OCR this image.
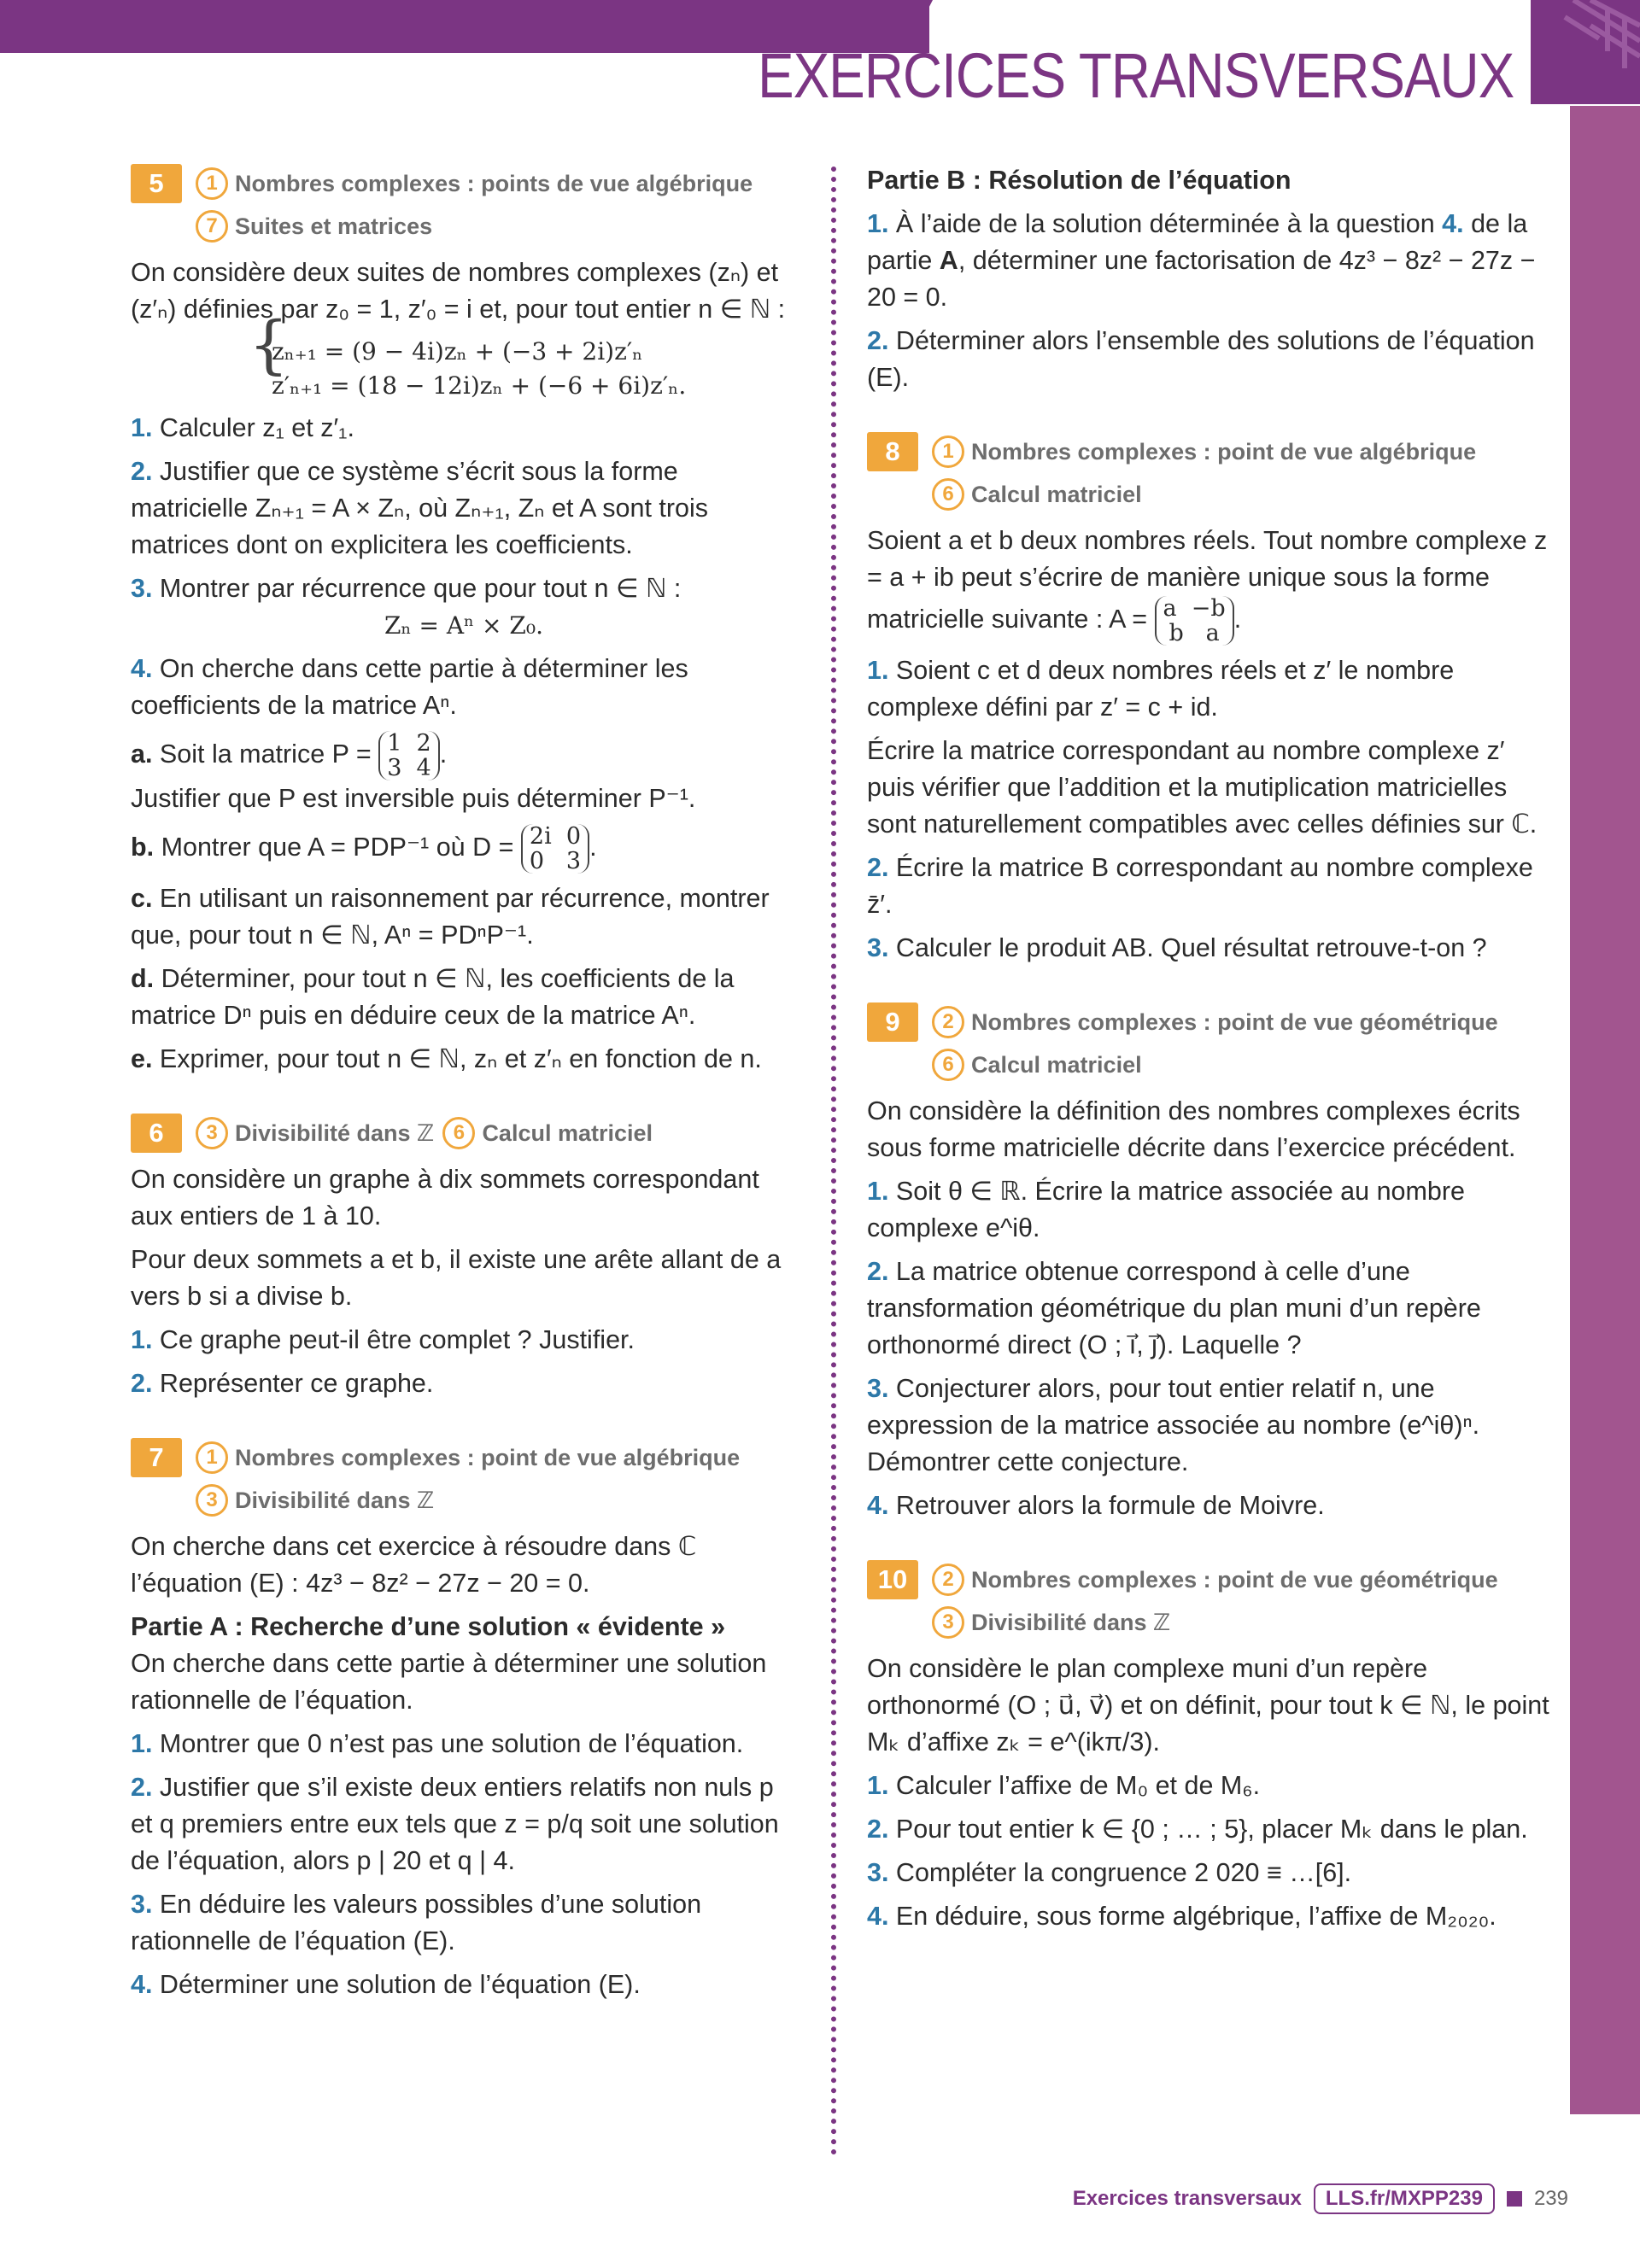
EXERCICES TRANSVERSAUX
5	1 Nombres complexes : points de vue algébrique
7 Suites et matrices
On considère deux suites de nombres complexes (zₙ) et (z′ₙ) définies par z₀ = 1, z′₀ = i et, pour tout entier n ∈ ℕ :
{ zₙ₊₁ = (9 − 4i)zₙ + (−3 + 2i)z′ₙ
z′ₙ₊₁ = (18 − 12i)zₙ + (−6 + 6i)z′ₙ.
1. Calculer z₁ et z′₁.
2. Justifier que ce système s’écrit sous la forme matricielle Zₙ₊₁ = A × Zₙ, où Zₙ₊₁, Zₙ et A sont trois matrices dont on explicitera les coefficients.
3. Montrer par récurrence que pour tout n ∈ ℕ :
Zₙ = Aⁿ × Z₀.
4. On cherche dans cette partie à déterminer les coefficients de la matrice Aⁿ.
a. Soit la matrice P = 1  2
3  4 .
Justifier que P est inversible puis déterminer P⁻¹.
b. Montrer que A = PDP⁻¹ où D = 2i  0
0   3 .
c. En utilisant un raisonnement par récurrence, montrer que, pour tout n ∈ ℕ, Aⁿ = PDⁿP⁻¹.
d. Déterminer, pour tout n ∈ ℕ, les coefficients de la matrice Dⁿ puis en déduire ceux de la matrice Aⁿ.
e. Exprimer, pour tout n ∈ ℕ, zₙ et z′ₙ en fonction de n.
6	3 Divisibilité dans ℤ 6 Calcul matriciel
On considère un graphe à dix sommets correspondant aux entiers de 1 à 10.
Pour deux sommets a et b, il existe une arête allant de a vers b si a divise b.
1. Ce graphe peut-il être complet ? Justifier.
2. Représenter ce graphe.
7	1 Nombres complexes : point de vue algébrique
3 Divisibilité dans ℤ
On cherche dans cet exercice à résoudre dans ℂ l’équation (E) : 4z³ − 8z² − 27z − 20 = 0.
Partie A : Recherche d’une solution « évidente »
On cherche dans cette partie à déterminer une solution rationnelle de l’équation.
1. Montrer que 0 n’est pas une solution de l’équation.
2. Justifier que s’il existe deux entiers relatifs non nuls p et q premiers entre eux tels que z = p/q soit une solution de l’équation, alors p | 20 et q | 4.
3. En déduire les valeurs possibles d’une solution rationnelle de l’équation (E).
4. Déterminer une solution de l’équation (E).
Partie B : Résolution de l’équation
1. À l’aide de la solution déterminée à la question 4. de la partie A, déterminer une factorisation de 4z³ − 8z² − 27z − 20 = 0.
2. Déterminer alors l’ensemble des solutions de l’équation (E).
8	1 Nombres complexes : point de vue algébrique
6 Calcul matriciel
Soient a et b deux nombres réels. Tout nombre complexe z = a + ib peut s’écrire de manière unique sous la forme matricielle suivante : A = a  −b
b   a .
1. Soient c et d deux nombres réels et z′ le nombre complexe défini par z′ = c + id.
Écrire la matrice correspondant au nombre complexe z′ puis vérifier que l’addition et la mutiplication matricielles sont naturellement compatibles avec celles définies sur ℂ.
2. Écrire la matrice B correspondant au nombre complexe z̄′.
3. Calculer le produit AB. Quel résultat retrouve-t-on ?
9	2 Nombres complexes : point de vue géométrique
6 Calcul matriciel
On considère la définition des nombres complexes écrits sous forme matricielle décrite dans l’exercice précédent.
1. Soit θ ∈ ℝ. Écrire la matrice associée au nombre complexe e^iθ.
2. La matrice obtenue correspond à celle d’une transformation géométrique du plan muni d’un repère orthonormé direct (O ; i⃗, j⃗). Laquelle ?
3. Conjecturer alors, pour tout entier relatif n, une expression de la matrice associée au nombre (e^iθ)ⁿ. Démontrer cette conjecture.
4. Retrouver alors la formule de Moivre.
10	2 Nombres complexes : point de vue géométrique
3 Divisibilité dans ℤ
On considère le plan complexe muni d’un repère orthonormé (O ; u⃗, v⃗) et on définit, pour tout k ∈ ℕ, le point Mₖ d’affixe zₖ = e^(ikπ/3).
1. Calculer l’affixe de M₀ et de M₆.
2. Pour tout entier k ∈ {0 ; … ; 5}, placer Mₖ dans le plan.
3. Compléter la congruence 2 020 ≡ …[6].
4. En déduire, sous forme algébrique, l’affixe de M₂₀₂₀.
Exercices transversaux	LLS.fr/MXPP239	239
